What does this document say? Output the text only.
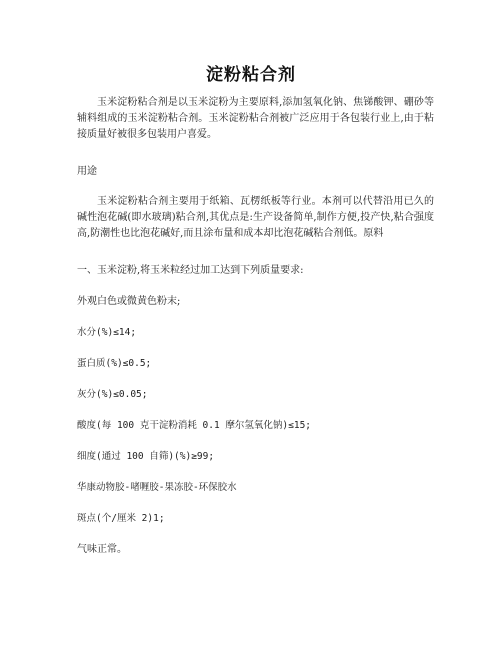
淀粉粘合剂
玉米淀粉粘合剂是以玉米淀粉为主要原料,添加氢氧化钠、焦锑酸钾、硼砂等辅料组成的玉米淀粉粘合剂。玉米淀粉粘合剂被广泛应用于各包装行业上,由于粘接质量好被很多包装用户喜爱。
用途
玉米淀粉粘合剂主要用于纸箱、瓦楞纸板等行业。本剂可以代替沿用已久的碱性泡花碱(即水玻璃)粘合剂,其优点是:生产设备简单,制作方便,投产快,粘合强度高,防潮性也比泡花碱好,而且涂布量和成本却比泡花碱粘合剂低。原料
一、玉米淀粉,将玉米粒经过加工达到下列质量要求:
外观白色或微黄色粉末;
水分(%)≤14;
蛋白质(%)≤0.5;
灰分(%)≤0.05;
酸度(每 100 克干淀粉消耗 0.1 摩尔氢氧化钠)≤15;
细度(通过 100 自筛)(%)≥99;
华康动物胶-啫喱胶-果冻胶-环保胶水
斑点(个/厘米 2)1;
气味正常。
